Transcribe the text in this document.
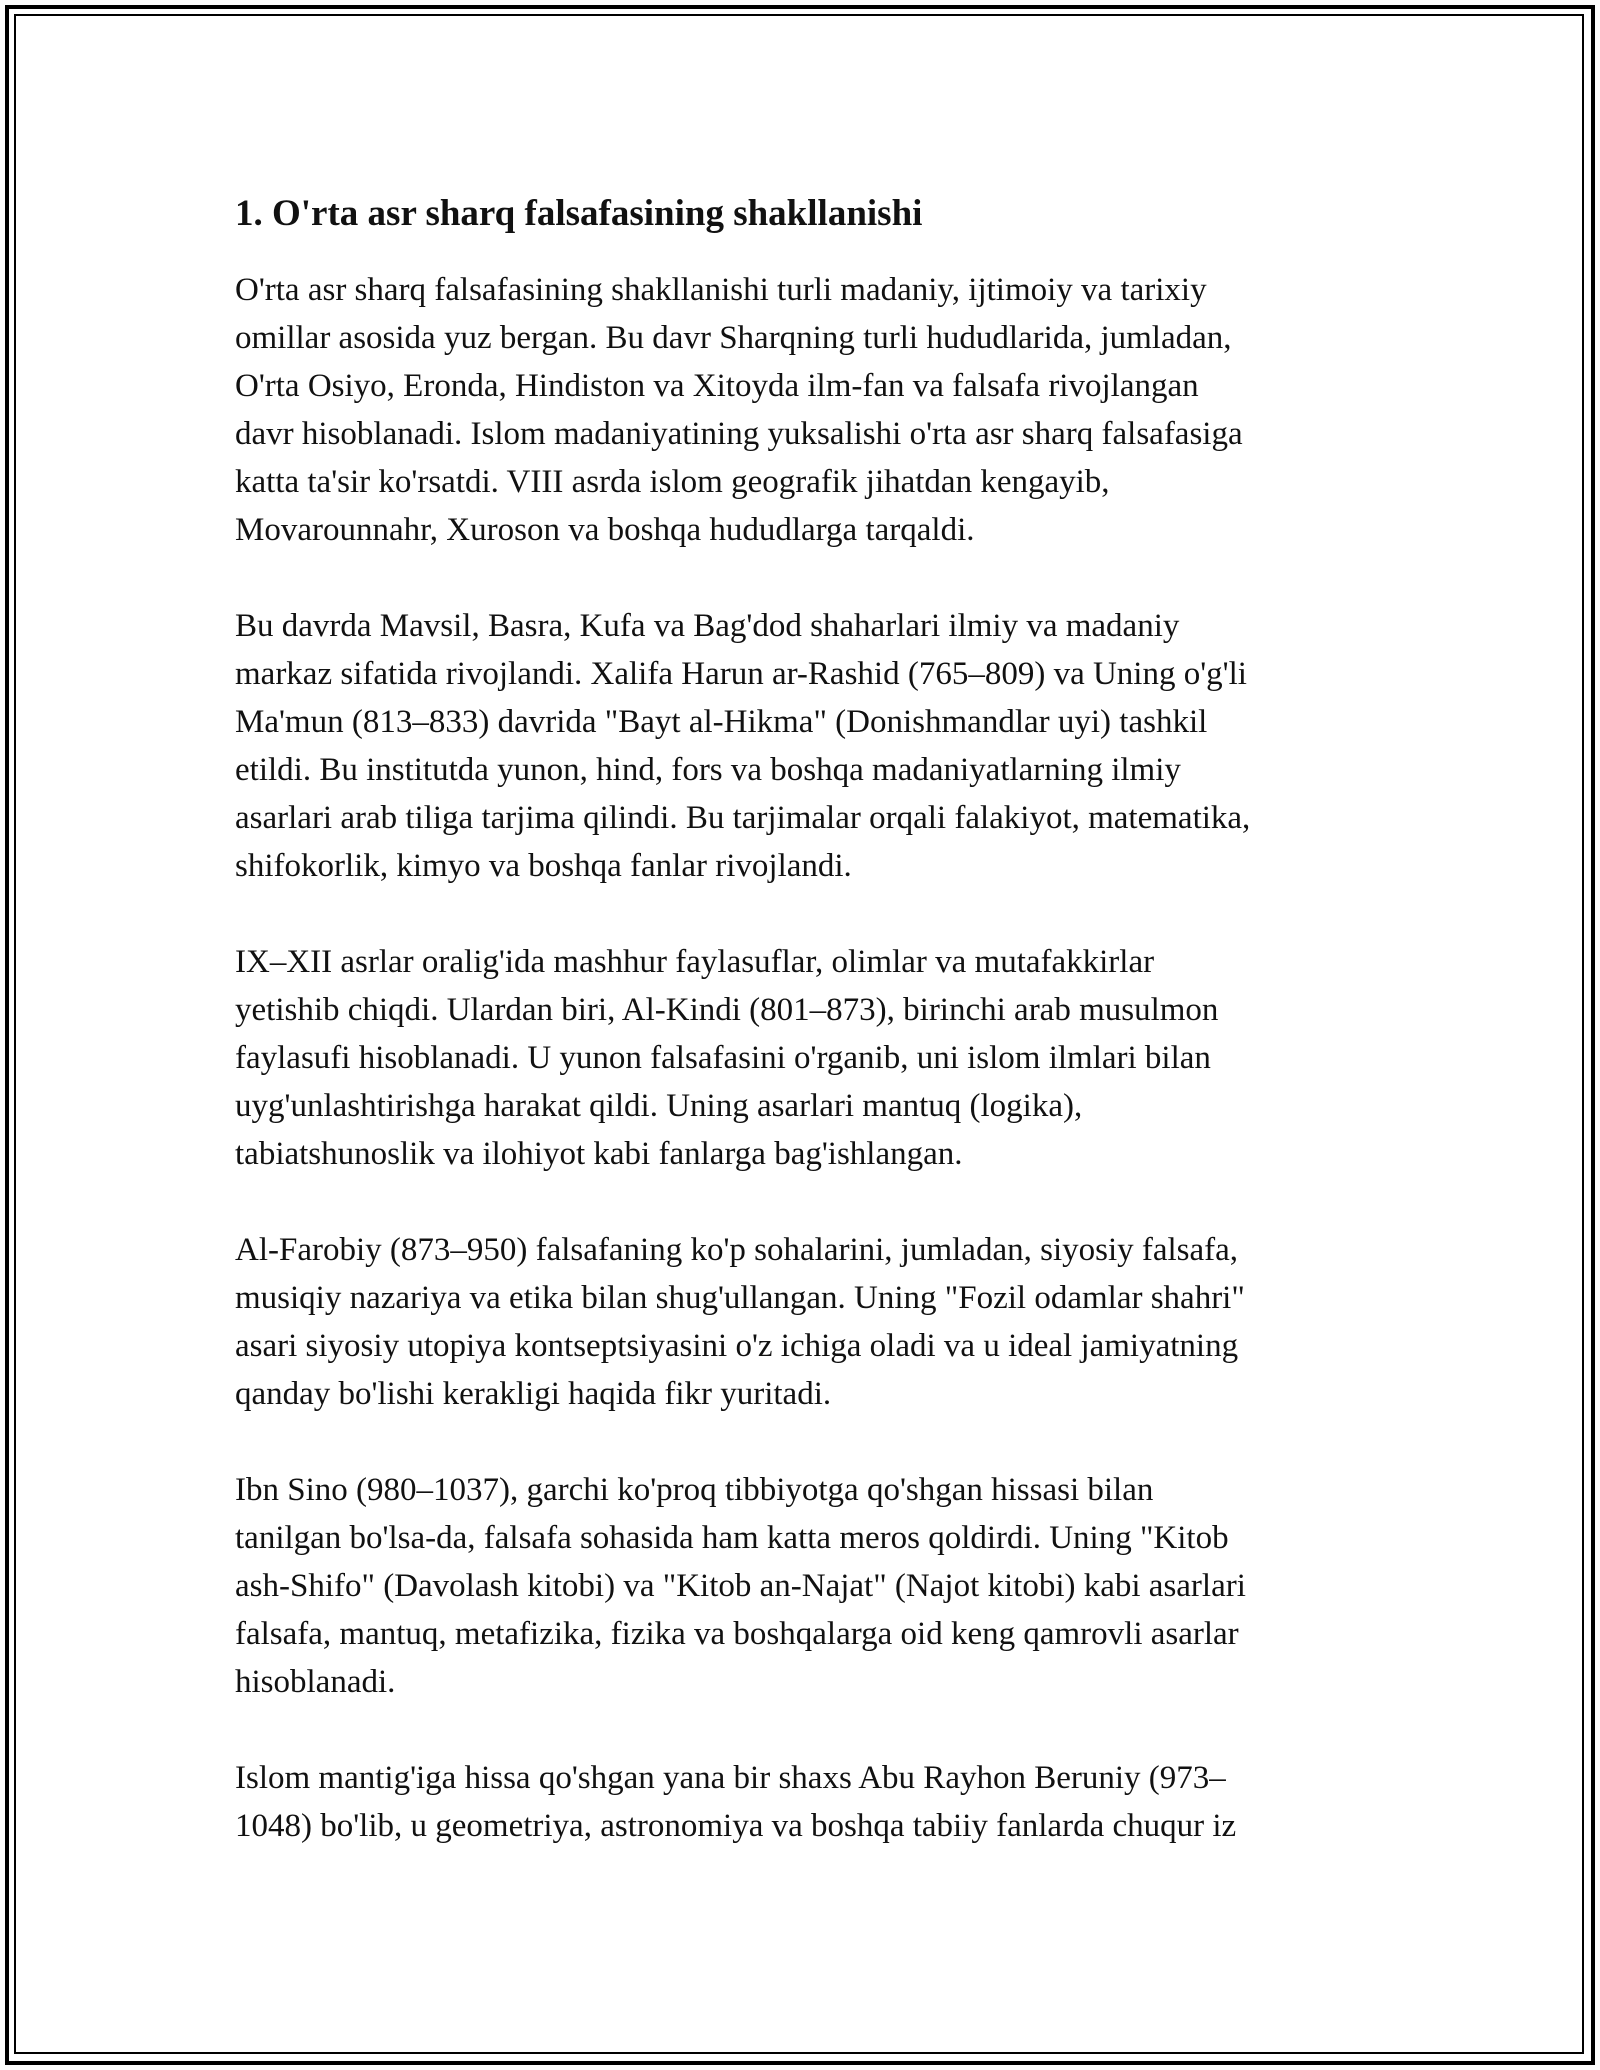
1. O'rta asr sharq falsafasining shakllanishi

O'rta asr sharq falsafasining shakllanishi turli madaniy, ijtimoiy va tarixiy
omillar asosida yuz bergan. Bu davr Sharqning turli hududlarida, jumladan,
O'rta Osiyo, Eronda, Hindiston va Xitoyda ilm-fan va falsafa rivojlangan
davr hisoblanadi. Islom madaniyatining yuksalishi o'rta asr sharq falsafasiga
katta ta'sir ko'rsatdi. VIII asrda islom geografik jihatdan kengayib,
Movarounnahr, Xuroson va boshqa hududlarga tarqaldi.

Bu davrda Mavsil, Basra, Kufa va Bag'dod shaharlari ilmiy va madaniy
markaz sifatida rivojlandi. Xalifa Harun ar-Rashid (765–809) va Uning o'g'li
Ma'mun (813–833) davrida "Bayt al-Hikma" (Donishmandlar uyi) tashkil
etildi. Bu institutda yunon, hind, fors va boshqa madaniyatlarning ilmiy
asarlari arab tiliga tarjima qilindi. Bu tarjimalar orqali falakiyot, matematika,
shifokorlik, kimyo va boshqa fanlar rivojlandi.

IX–XII asrlar oralig'ida mashhur faylasuflar, olimlar va mutafakkirlar
yetishib chiqdi. Ulardan biri, Al-Kindi (801–873), birinchi arab musulmon
faylasufi hisoblanadi. U yunon falsafasini o'rganib, uni islom ilmlari bilan
uyg'unlashtirishga harakat qildi. Uning asarlari mantuq (logika),
tabiatshunoslik va ilohiyot kabi fanlarga bag'ishlangan.

Al-Farobiy (873–950) falsafaning ko'p sohalarini, jumladan, siyosiy falsafa,
musiqiy nazariya va etika bilan shug'ullangan. Uning "Fozil odamlar shahri"
asari siyosiy utopiya kontseptsiyasini o'z ichiga oladi va u ideal jamiyatning
qanday bo'lishi kerakligi haqida fikr yuritadi.

Ibn Sino (980–1037), garchi ko'proq tibbiyotga qo'shgan hissasi bilan
tanilgan bo'lsa-da, falsafa sohasida ham katta meros qoldirdi. Uning "Kitob
ash-Shifo" (Davolash kitobi) va "Kitob an-Najat" (Najot kitobi) kabi asarlari
falsafa, mantuq, metafizika, fizika va boshqalarga oid keng qamrovli asarlar
hisoblanadi.

Islom mantig'iga hissa qo'shgan yana bir shaxs Abu Rayhon Beruniy (973–
1048) bo'lib, u geometriya, astronomiya va boshqa tabiiy fanlarda chuqur iz
